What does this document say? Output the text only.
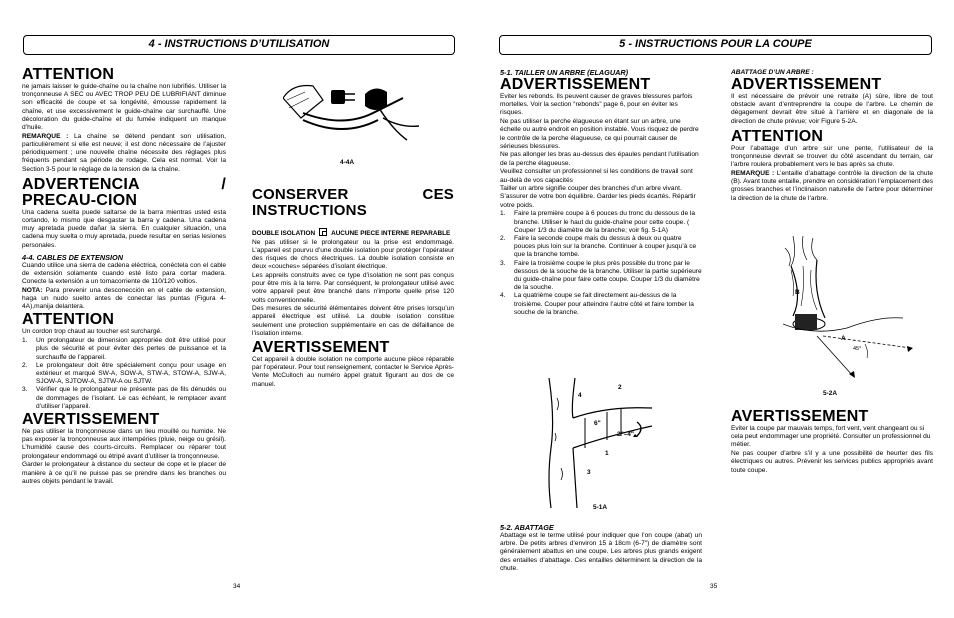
4 - INSTRUCTIONS D’UTILISATION
ATTENTION

ne jamais laisser le guide-chaîne ou la chaîne non lubrifiés. Utiliser la tronçonneuse A SEC ou AVEC TROP PEU DE LUBRIFIANT diminue son efficacité de coupe et sa longévité, émousse rapidement la chaîne, et use excessivement le guide-chaîne car surchauffé. Une décoloration du guide-chaîne et du fumée indiquent un manque d’huile.

REMARQUE : La chaîne se détend pendant son utilisation, particulièrement si elle est neuve; il est donc nécessaire de l’ajuster périodiquement ; une nouvelle chaîne nécessite des réglages plus fréquents pendant sa période de rodage. Cela est normal. Voir la Section 3-5 pour le réglage de la tension de la chaîne.

ADVERTENCIA / PRECAU-CION

Una cadena suelta puede saltarse de la barra mientras usted esta cortando, lo mismo que desgastar la barra y cadena. Una cadena muy apretada puede dañar la sierra. En cualquier situación, una cadena muy suelta o muy apretada, puede resultar en serias lesiones personales.

4-4. CABLES DE EXTENSION

Cuando utilice una sierra de cadena eléctrica, conéctela con el cable de extensión solamente cuando esté listo para cortar madera. Conecte la extensión a un tomacorriente de 110/120 voltios.

NOTA: Para prevenir una desconección en el cable de extension, haga un nudo suelto antes de conectar las puntas (Figura 4-4A),manija delantera.

ATTENTION

Un cordon trop chaud au toucher est surchargé.

1.	Un prolongateur de dimension appropriée doit être utilisé pour plus de sécurité et pour éviter des pertes de puissance et la surchauffe de l’appareil.
2.	Le prolongateur doit être spécialement conçu pour usage en extérieur et marqué SW-A, SOW-A, STW-A, STOW-A, SJW-A, SJOW-A, SJTOW-A, SJTW-A ou SJTW.
3.	Vérifier que le prolongateur ne présente pas de fils dénudés ou de dommages de l’isolant. Le cas échéant, le remplacer avant d’utiliser l’appareil.
AVERTISSEMENT

Ne pas utiliser la tronçonneuse dans un lieu mouillé ou humide. Ne pas exposer la tronçonneuse aux intempéries (pluie, neige ou grésil). L’humidité cause des courts-circuits. Remplacer ou réparer tout prolongateur endommagé ou étripé avant d’utiliser la tronçonneuse.

Garder le prolongateur à distance du secteur de cope et le placer de manière à ce qu’il ne puisse pas se prendre dans les branches ou autres objets pendant le travail.

4-4A
CONSERVER CES INSTRUCTIONS
DOUBLE ISOLATION	AUCUNE PIECE INTERNE REPARABLE

Ne pas utiliser si le prolongateur ou la prise est endommagé. L’appareil est pourvu d’une double isolation pour protéger l’opérateur des risques de chocs électriques. La double isolation consiste en deux «couches» séparées d’isolant électrique.

Les appreils construits avec ce type d’isolation ne sont pas conçus pour être mis à la terre. Par conséquent, le prolongateur utilisé avec votre appareil peut être branché dans n’importe quelle prise 120 volts conventionnelle.

Des mesures de sécurité élémentaires doivent être prises lorsqu’un appareil électrique est utilisé. La double isolation constitue seulement une protection supplémentaire en cas de défaillance de l’isolation interne.

AVERTISSEMENT

Cet appareil à double isolation ne comporte aucune pièce réparable par l’opérateur. Pour tout renseignement, contacter le Service Après-Vente McCulloch au numéro àppel gratuit figurant au dos de ce manuel.

34
5 - INSTRUCTIONS POUR LA COUPE
5-1. TAILLER UN ARBRE (ELAGUAR)
ADVERTISSEMENT

Eviter les rebonds. Ils peuvent causer de graves blessures parfois mortelles. Voir la section “rebonds” page 6, pour en éviter les risques.

Ne pas utiliser la perche élagueuse en étant sur un arbre, une échelle ou autre endroit en position instable. Vous risquez de perdre le contrôle de la perche élagueuse, ce qui pourrait causer de sérieuses blessures.

Ne pas allonger les bras au-dessus des épaules pendant l’utilisation de la perche élagueuse.

Veuillez consulter un professionnel si les conditions de travail sont au-delà de vos capacités

Tailler un arbre signifie couper des branches d’un arbre vivant. S’assurer de votre bon équilibre. Garder les pieds écartés. Répartir votre poids.

1.	Faire la première coupe à 6 pouces du tronc du dessous de la branche. Utiliser le haut du guide-chaîne pour cette coupe. ( Couper 1/3 du diamètre de la branche; voir fig. 5-1A)
2.	Faire la seconde coupe mais du dessus à deux ou quatre pouces plus loin sur la branche. Continuer à couper jusqu’à ce que la branche tombe.
3.	Faire la troisième coupe le plus près possible du tronc par le dessous de la souche de la branche. Utiliser la partie supérieure du guide-chaîne pour faire cette coupe. Couper 1/3 du diamètre de la souche.
4.	La quatrième coupe se fait directement au-dessus de la troisième. Couper pour atteindre l’autre côté et faire tomber la souche de la branche.
4
2
1
3
6"
2"–4"
5-1A
5-2. ABATTAGE

Abattage est le terme utilisé pour indiquer que l’on coupe (abat) un arbre. De petits arbres d’environ 15 à 18cm (6-7") de diamètre sont généralement abattus en une coupe. Les arbres plus grands exigent des entailles d’abattage. Ces entailles déterminent la direction de la chute.

ABATTAGE D’UN ARBRE :
ADVERTISSEMENT

Il est nécessaire de prévoir une retraite (A) sûre, libre de tout obstacle avant d’entreprendre la coupe de l’arbre. Le chemin de dégagement devrait être situé à l’arrière et en diagonale de la direction de chute prévue; voir Figure 5-2A.

ATTENTION

Pour l’abattage d’un arbre sur une pente, l’utilisateur de la tronçonneuse devrait se trouver du côté ascendant du terrain, car l’arbre roulera probablement vers le bas après sa chute.

REMARQUE : L’entaille d’abattage contrôle la direction de la chute (B). Avant toute entaille, prendre en considération l’emplacement des grosses branches et l’inclinaison naturelle de l’arbre pour déterminer la direction de la chute de l’arbre.

B
A
45°
5-2A
AVERTISSEMENT

Eviter la coupe par mauvais temps, fort vent, vent changeant ou si cela peut endommager une propriété. Consulter un professionnel du métier.

Ne pas couper d’arbre s’il y a une possibilité de heurter des fils électriques ou autres. Prévenir les services publics appropriés avant toute coupe.

35
